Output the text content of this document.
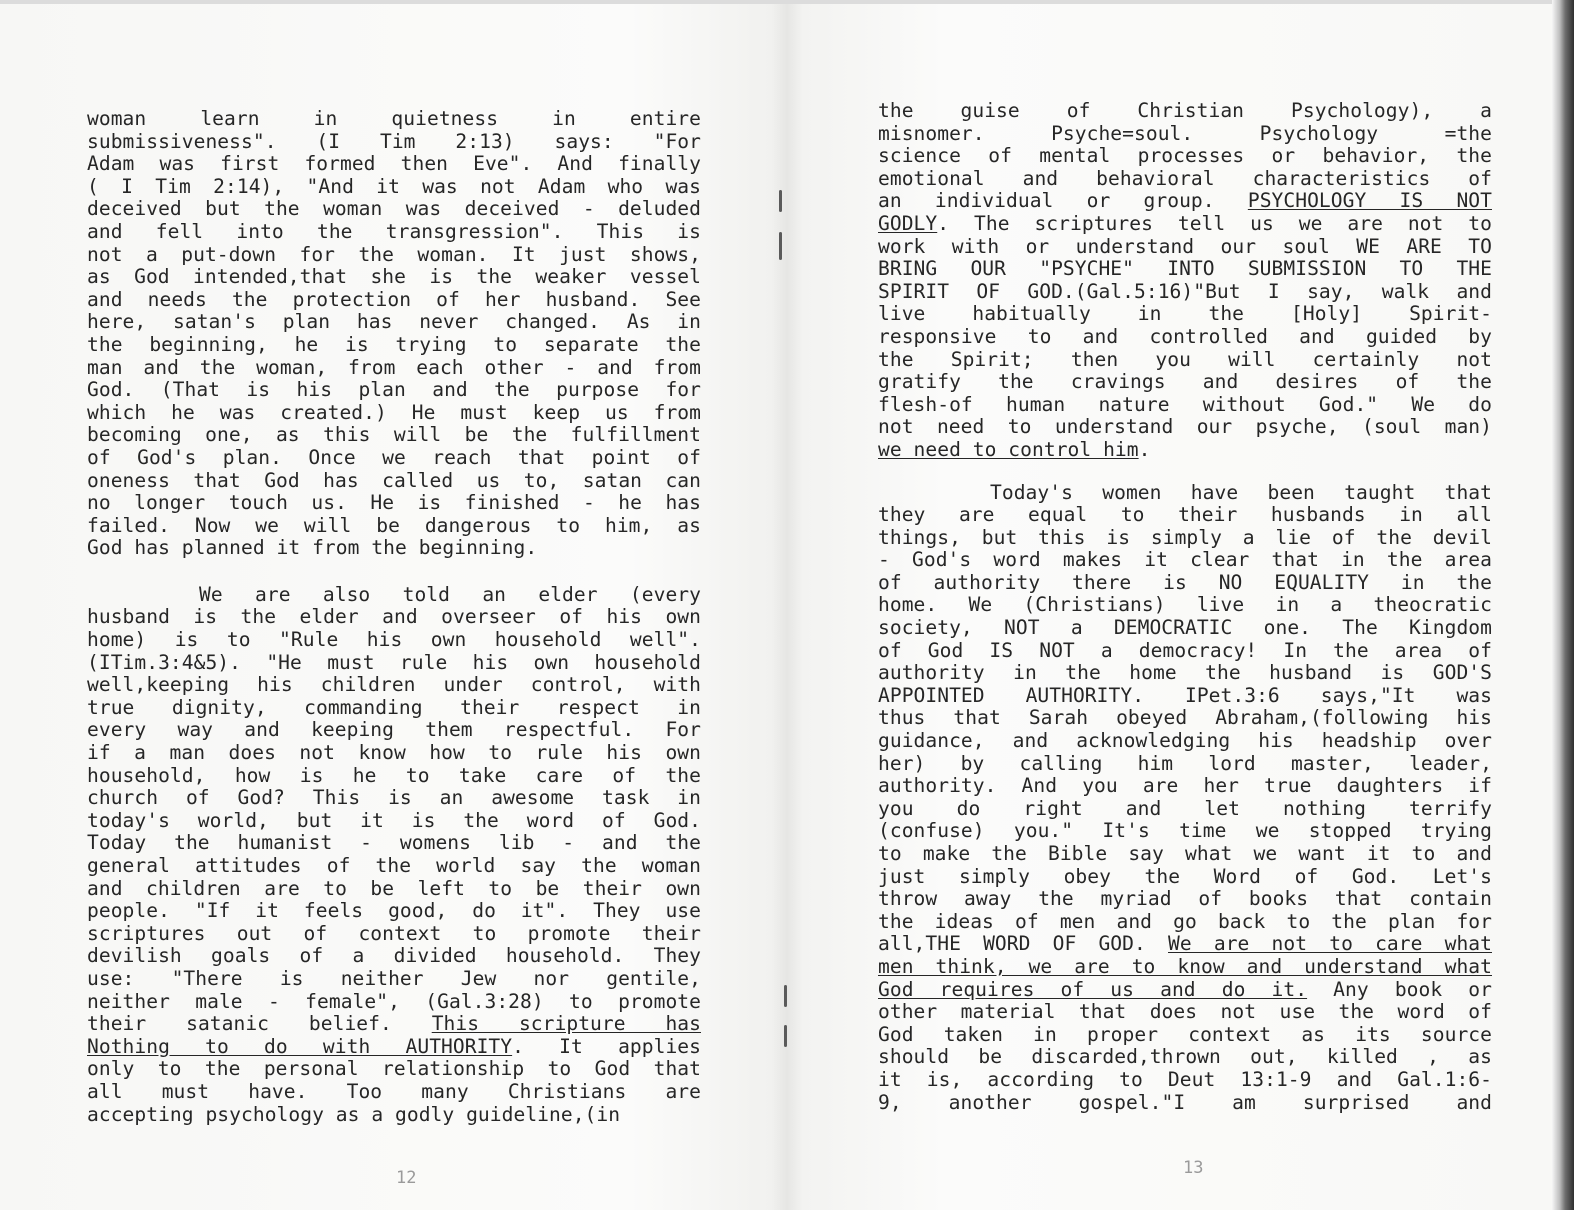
woman learn in quietness in entire

submissiveness". (I Tim 2:13) says: "For

Adam was first formed then Eve". And finally

( I Tim 2:14), "And it was not Adam who was

deceived but the woman was deceived - deluded

and fell into the transgression". This is

not a put-down for the woman. It just shows,

as God intended,that she is the weaker vessel

and needs the protection of her husband. See

here, satan's plan has never changed. As in

the beginning, he is trying to separate the

man and the woman, from each other - and from

God. (That is his plan and the purpose for

which he was created.) He must keep us from

becoming one, as this will be the fulfillment

of God's plan. Once we reach that point of

oneness that God has called us to, satan can

no longer touch us. He is finished - he has

failed. Now we will be dangerous to him, as

God has planned it from the beginning.

We are also told an elder (every

husband is the elder and overseer of his own

home) is to "Rule his own household well".

(ITim.3:4&5). "He must rule his own household

well,keeping his children under control, with

true dignity, commanding their respect in

every way and keeping them respectful. For

if a man does not know how to rule his own

household, how is he to take care of the

church of God? This is an awesome task in

today's world, but it is the word of God.

Today the humanist - womens lib - and the

general attitudes of the world say the woman

and children are to be left to be their own

people. "If it feels good, do it". They use

scriptures out of context to promote their

devilish goals of a divided household. They

use: "There is neither Jew nor gentile,

neither male - female", (Gal.3:28) to promote

their satanic belief. This scripture has

Nothing to do with AUTHORITY. It applies

only to the personal relationship to God that

all must have. Too many Christians are

accepting psychology as a godly guideline,(in

12

the guise of Christian Psychology), a

misnomer. Psyche=soul. Psychology =the

science of mental processes or behavior, the

emotional and behavioral characteristics of

an individual or group. PSYCHOLOGY IS NOT

GODLY. The scriptures tell us we are not to

work with or understand our soul WE ARE TO

BRING OUR "PSYCHE" INTO SUBMISSION TO THE

SPIRIT OF GOD.(Gal.5:16)"But I say, walk and

live habitually in the [Holy] Spirit-

responsive to and controlled and guided by

the Spirit; then you will certainly not

gratify the cravings and desires of the

flesh-of human nature without God." We do

not need to understand our psyche, (soul man)

we need to control him.

Today's women have been taught that

they are equal to their husbands in all

things, but this is simply a lie of the devil

- God's word makes it clear that in the area

of authority there is NO EQUALITY in the

home. We (Christians) live in a theocratic

society, NOT a DEMOCRATIC one. The Kingdom

of God IS NOT a democracy! In the area of

authority in the home the husband is GOD'S

APPOINTED AUTHORITY. IPet.3:6 says,"It was

thus that Sarah obeyed Abraham,(following his

guidance, and acknowledging his headship over

her) by calling him lord master, leader,

authority. And you are her true daughters if

you do right and let nothing terrify

(confuse) you." It's time we stopped trying

to make the Bible say what we want it to and

just simply obey the Word of God. Let's

throw away the myriad of books that contain

the ideas of men and go back to the plan for

all,THE WORD OF GOD. We are not to care what

men think, we are to know and understand what

God requires of us and do it. Any book or

other material that does not use the word of

God taken in proper context as its source

should be discarded,thrown out, killed , as

it is, according to Deut 13:1-9 and Gal.1:6-

9, another gospel."I am surprised and

13
